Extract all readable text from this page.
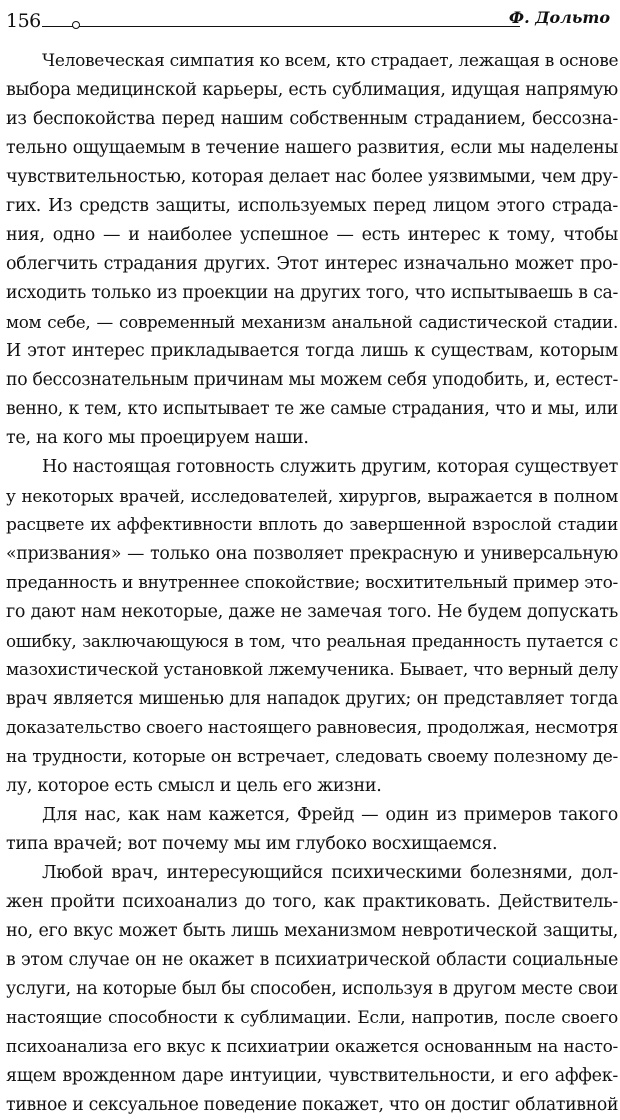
156	Ф. Дольто
Человеческая симпатия ко всем, кто страдает, лежащая в основе
выбора медицинской карьеры, есть сублимация, идущая напрямую
из беспокойства перед нашим собственным страданием, бессозна-
тельно ощущаемым в течение нашего развития, если мы наделены
чувствительностью, которая делает нас более уязвимыми, чем дру-
гих. Из средств защиты, используемых перед лицом этого страда-
ния, одно — и наиболее успешное — есть интерес к тому, чтобы
облегчить страдания других. Этот интерес изначально может про-
исходить только из проекции на других того, что испытываешь в са-
мом себе, — современный механизм анальной садистической стадии.
И этот интерес прикладывается тогда лишь к существам, которым
по бессознательным причинам мы можем себя уподобить, и, естест-
венно, к тем, кто испытывает те же самые страдания, что и мы, или
те, на кого мы проецируем наши.
Но настоящая готовность служить другим, которая существует
у некоторых врачей, исследователей, хирургов, выражается в полном
расцвете их аффективности вплоть до завершенной взрослой стадии
«призвания» — только она позволяет прекрасную и универсальную
преданность и внутреннее спокойствие; восхитительный пример это-
го дают нам некоторые, даже не замечая того. Не будем допускать
ошибку, заключающуюся в том, что реальная преданность путается с
мазохистической установкой лжемученика. Бывает, что верный делу
врач является мишенью для нападок других; он представляет тогда
доказательство своего настоящего равновесия, продолжая, несмотря
на трудности, которые он встречает, следовать своему полезному де-
лу, которое есть смысл и цель его жизни.
Для нас, как нам кажется, Фрейд — один из примеров такого
типа врачей; вот почему мы им глубоко восхищаемся.
Любой врач, интересующийся психическими болезнями, дол-
жен пройти психоанализ до того, как практиковать. Действитель-
но, его вкус может быть лишь механизмом невротической защиты,
в этом случае он не окажет в психиатрической области социальные
услуги, на которые был бы способен, используя в другом месте свои
настоящие способности к сублимации. Если, напротив, после своего
психоанализа его вкус к психиатрии окажется основанным на насто-
ящем врожденном даре интуиции, чувствительности, и его аффек-
тивное и сексуальное поведение покажет, что он достиг облативной
